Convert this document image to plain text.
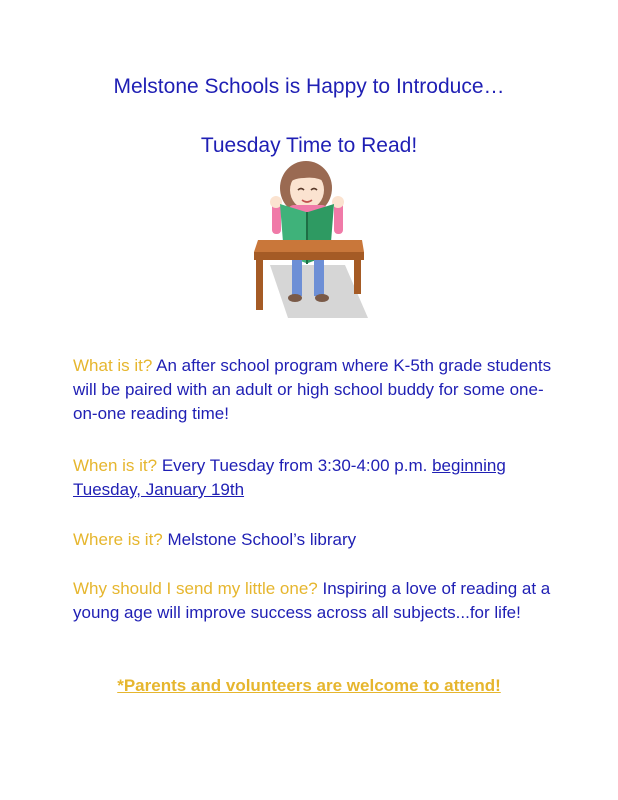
Melstone Schools is Happy to Introduce…
Tuesday Time to Read!
What is it? An after school program where K-5th grade students will be paired with an adult or high school buddy for some one-on-one reading time!
When is it? Every Tuesday from 3:30-4:00 p.m. beginning Tuesday, January 19th
Where is it? Melstone School’s library
Why should I send my little one? Inspiring a love of reading at a young age will improve success across all subjects...for life!
*Parents and volunteers are welcome to attend!
